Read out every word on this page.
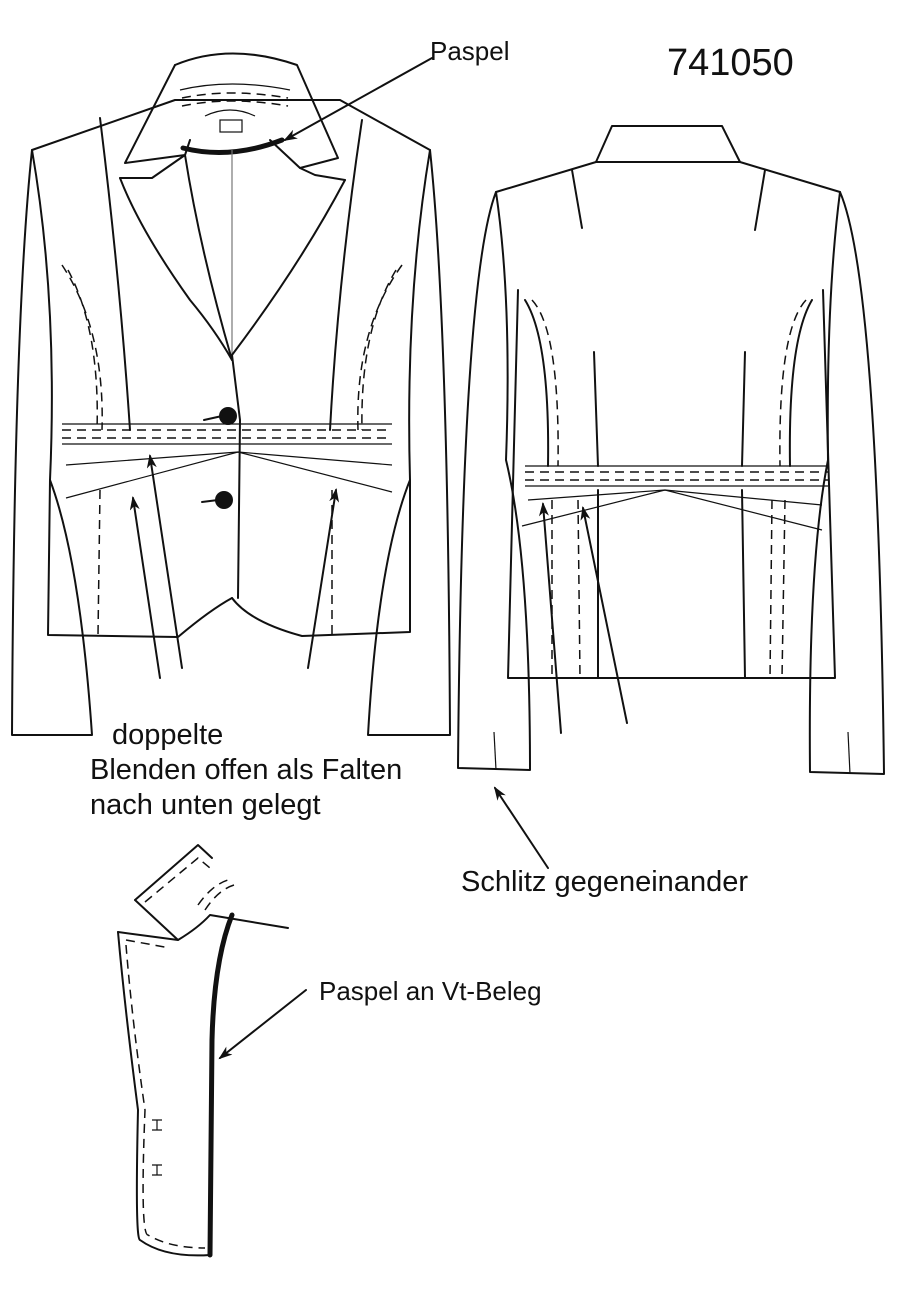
Paspel	741050
doppelte
Blenden offen als Falten
nach unten gelegt
Schlitz gegeneinander
Paspel an Vt-Beleg
